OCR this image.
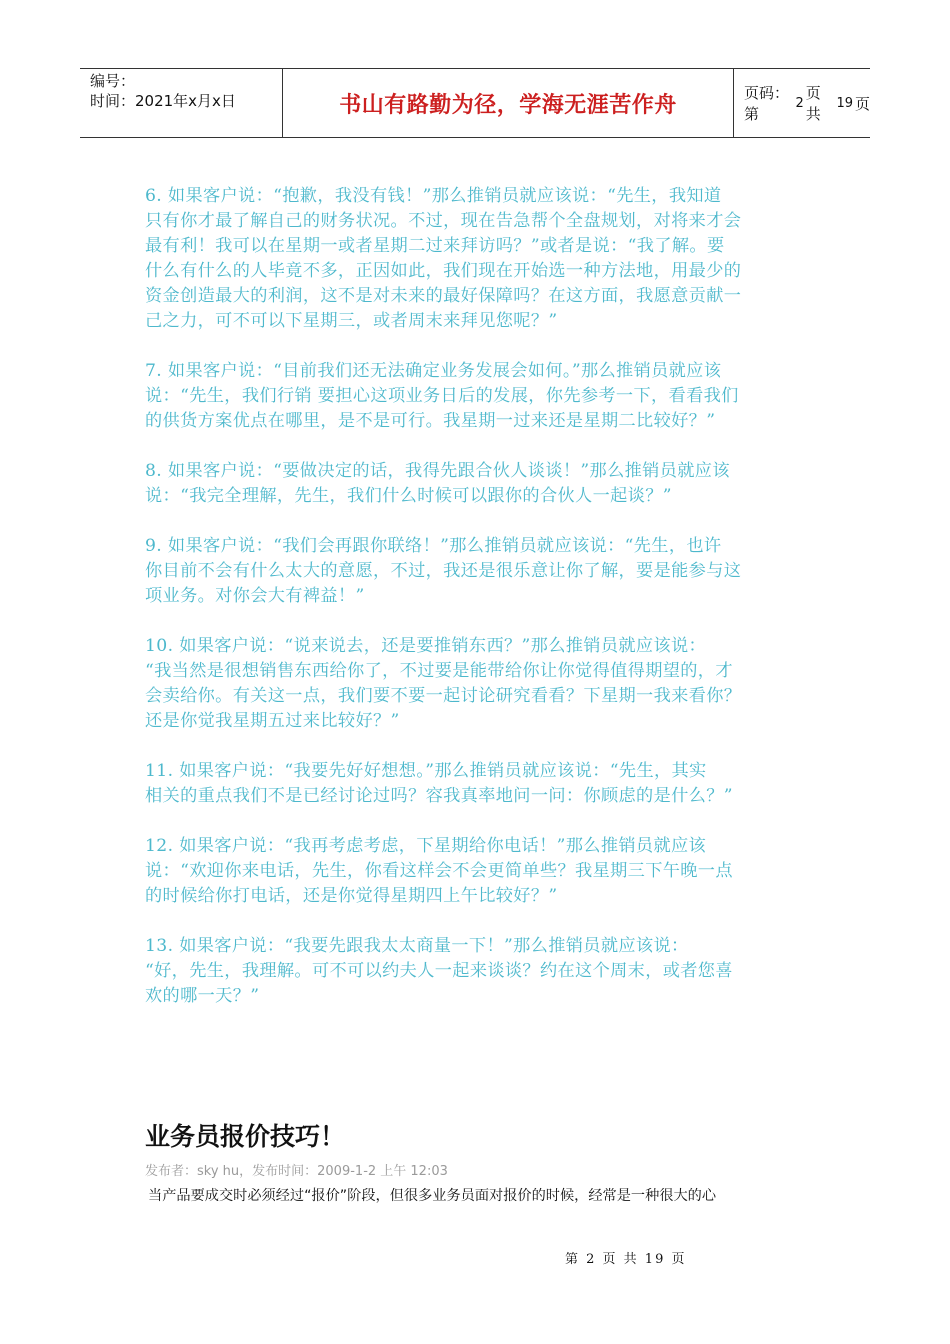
编号：
时间：2021年x月x日	书山有路勤为径，学海无涯苦作舟	页码：第
2
页 共
19 页
6. 如果客户说：“抱歉，我没有钱！”那么推销员就应该说：“先生，我知道
只有你才最了解自己的财务状况。不过，现在告急帮个全盘规划，对将来才会
最有利！我可以在星期一或者星期二过来拜访吗？”或者是说：“我了解。要
什么有什么的人毕竟不多，正因如此，我们现在开始选一种方法地，用最少的
资金创造最大的利润，这不是对未来的最好保障吗？在这方面，我愿意贡献一
己之力，可不可以下星期三，或者周末来拜见您呢？”
7. 如果客户说：“目前我们还无法确定业务发展会如何。”那么推销员就应该
说：“先生，我们行销 要担心这项业务日后的发展，你先参考一下，看看我们
的供货方案优点在哪里，是不是可行。我星期一过来还是星期二比较好？”
8. 如果客户说：“要做决定的话，我得先跟合伙人谈谈！”那么推销员就应该
说：“我完全理解，先生，我们什么时候可以跟你的合伙人一起谈？”
9. 如果客户说：“我们会再跟你联络！”那么推销员就应该说：“先生，也许
你目前不会有什么太大的意愿，不过，我还是很乐意让你了解，要是能参与这
项业务。对你会大有裨益！”
10. 如果客户说：“说来说去，还是要推销东西？”那么推销员就应该说：
“我当然是很想销售东西给你了，不过要是能带给你让你觉得值得期望的，才
会卖给你。有关这一点，我们要不要一起讨论研究看看？下星期一我来看你？
还是你觉我星期五过来比较好？”
11. 如果客户说：“我要先好好想想。”那么推销员就应该说：“先生，其实
相关的重点我们不是已经讨论过吗？容我真率地问一问：你顾虑的是什么？”
12. 如果客户说：“我再考虑考虑，下星期给你电话！”那么推销员就应该
说：“欢迎你来电话，先生，你看这样会不会更简单些？我星期三下午晚一点
的时候给你打电话，还是你觉得星期四上午比较好？”
13. 如果客户说：“我要先跟我太太商量一下！”那么推销员就应该说：
“好，先生，我理解。可不可以约夫人一起来谈谈？约在这个周末，或者您喜
欢的哪一天？”
业务员报价技巧！
发布者：sky hu，发布时间：2009-1-2 上午 12:03
当产品要成交时必须经过“报价”阶段，但很多业务员面对报价的时候，经常是一种很大的心
第 2 页 共 19 页
